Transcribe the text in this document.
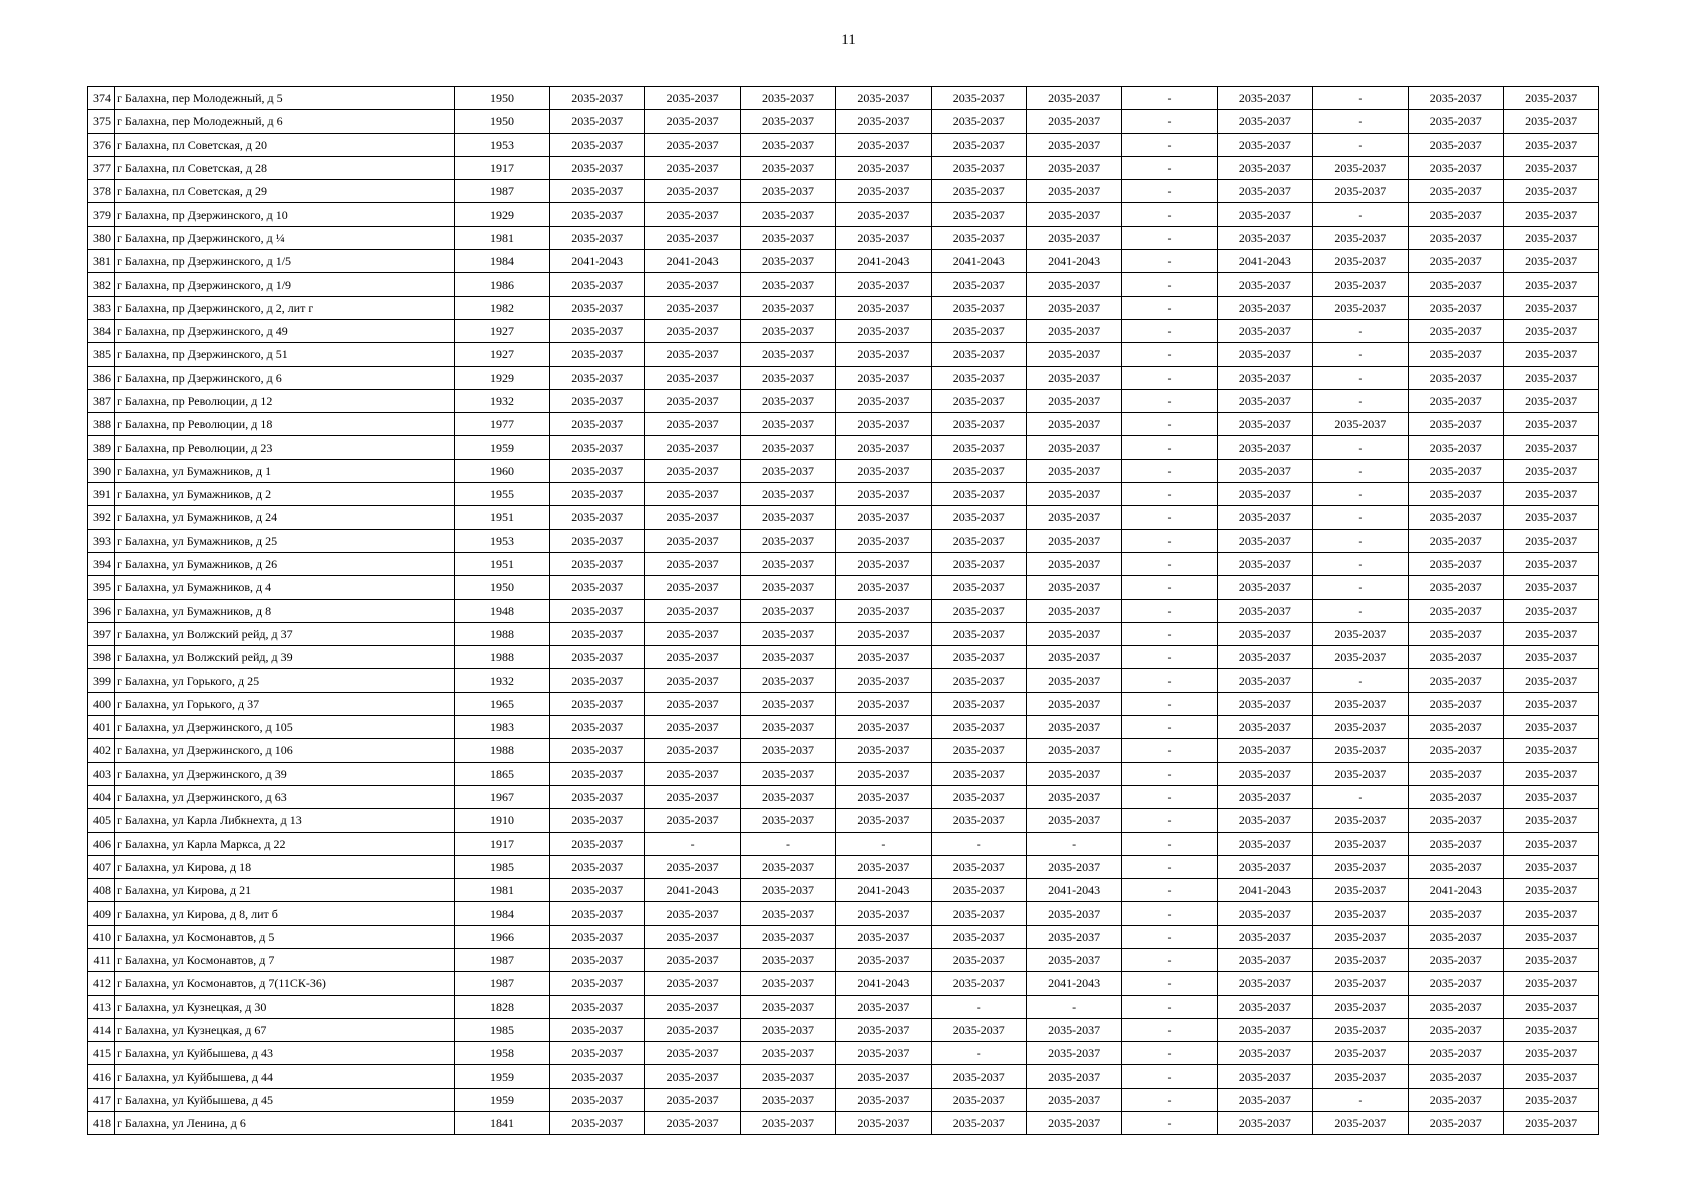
11
374	г Балахна, пер Молодежный, д 5	1950	2035-2037	2035-2037	2035-2037	2035-2037	2035-2037	2035-2037	-	2035-2037	-	2035-2037	2035-2037
375	г Балахна, пер Молодежный, д 6	1950	2035-2037	2035-2037	2035-2037	2035-2037	2035-2037	2035-2037	-	2035-2037	-	2035-2037	2035-2037
376	г Балахна, пл Советская, д 20	1953	2035-2037	2035-2037	2035-2037	2035-2037	2035-2037	2035-2037	-	2035-2037	-	2035-2037	2035-2037
377	г Балахна, пл Советская, д 28	1917	2035-2037	2035-2037	2035-2037	2035-2037	2035-2037	2035-2037	-	2035-2037	2035-2037	2035-2037	2035-2037
378	г Балахна, пл Советская, д 29	1987	2035-2037	2035-2037	2035-2037	2035-2037	2035-2037	2035-2037	-	2035-2037	2035-2037	2035-2037	2035-2037
379	г Балахна, пр Дзержинского, д 10	1929	2035-2037	2035-2037	2035-2037	2035-2037	2035-2037	2035-2037	-	2035-2037	-	2035-2037	2035-2037
380	г Балахна, пр Дзержинского, д ¼	1981	2035-2037	2035-2037	2035-2037	2035-2037	2035-2037	2035-2037	-	2035-2037	2035-2037	2035-2037	2035-2037
381	г Балахна, пр Дзержинского, д 1/5	1984	2041-2043	2041-2043	2035-2037	2041-2043	2041-2043	2041-2043	-	2041-2043	2035-2037	2035-2037	2035-2037
382	г Балахна, пр Дзержинского, д 1/9	1986	2035-2037	2035-2037	2035-2037	2035-2037	2035-2037	2035-2037	-	2035-2037	2035-2037	2035-2037	2035-2037
383	г Балахна, пр Дзержинского, д 2, лит г	1982	2035-2037	2035-2037	2035-2037	2035-2037	2035-2037	2035-2037	-	2035-2037	2035-2037	2035-2037	2035-2037
384	г Балахна, пр Дзержинского, д 49	1927	2035-2037	2035-2037	2035-2037	2035-2037	2035-2037	2035-2037	-	2035-2037	-	2035-2037	2035-2037
385	г Балахна, пр Дзержинского, д 51	1927	2035-2037	2035-2037	2035-2037	2035-2037	2035-2037	2035-2037	-	2035-2037	-	2035-2037	2035-2037
386	г Балахна, пр Дзержинского, д 6	1929	2035-2037	2035-2037	2035-2037	2035-2037	2035-2037	2035-2037	-	2035-2037	-	2035-2037	2035-2037
387	г Балахна, пр Революции, д 12	1932	2035-2037	2035-2037	2035-2037	2035-2037	2035-2037	2035-2037	-	2035-2037	-	2035-2037	2035-2037
388	г Балахна, пр Революции, д 18	1977	2035-2037	2035-2037	2035-2037	2035-2037	2035-2037	2035-2037	-	2035-2037	2035-2037	2035-2037	2035-2037
389	г Балахна, пр Революции, д 23	1959	2035-2037	2035-2037	2035-2037	2035-2037	2035-2037	2035-2037	-	2035-2037	-	2035-2037	2035-2037
390	г Балахна, ул Бумажников, д 1	1960	2035-2037	2035-2037	2035-2037	2035-2037	2035-2037	2035-2037	-	2035-2037	-	2035-2037	2035-2037
391	г Балахна, ул Бумажников, д 2	1955	2035-2037	2035-2037	2035-2037	2035-2037	2035-2037	2035-2037	-	2035-2037	-	2035-2037	2035-2037
392	г Балахна, ул Бумажников, д 24	1951	2035-2037	2035-2037	2035-2037	2035-2037	2035-2037	2035-2037	-	2035-2037	-	2035-2037	2035-2037
393	г Балахна, ул Бумажников, д 25	1953	2035-2037	2035-2037	2035-2037	2035-2037	2035-2037	2035-2037	-	2035-2037	-	2035-2037	2035-2037
394	г Балахна, ул Бумажников, д 26	1951	2035-2037	2035-2037	2035-2037	2035-2037	2035-2037	2035-2037	-	2035-2037	-	2035-2037	2035-2037
395	г Балахна, ул Бумажников, д 4	1950	2035-2037	2035-2037	2035-2037	2035-2037	2035-2037	2035-2037	-	2035-2037	-	2035-2037	2035-2037
396	г Балахна, ул Бумажников, д 8	1948	2035-2037	2035-2037	2035-2037	2035-2037	2035-2037	2035-2037	-	2035-2037	-	2035-2037	2035-2037
397	г Балахна, ул Волжский рейд, д 37	1988	2035-2037	2035-2037	2035-2037	2035-2037	2035-2037	2035-2037	-	2035-2037	2035-2037	2035-2037	2035-2037
398	г Балахна, ул Волжский рейд, д 39	1988	2035-2037	2035-2037	2035-2037	2035-2037	2035-2037	2035-2037	-	2035-2037	2035-2037	2035-2037	2035-2037
399	г Балахна, ул Горького, д 25	1932	2035-2037	2035-2037	2035-2037	2035-2037	2035-2037	2035-2037	-	2035-2037	-	2035-2037	2035-2037
400	г Балахна, ул Горького, д 37	1965	2035-2037	2035-2037	2035-2037	2035-2037	2035-2037	2035-2037	-	2035-2037	2035-2037	2035-2037	2035-2037
401	г Балахна, ул Дзержинского, д 105	1983	2035-2037	2035-2037	2035-2037	2035-2037	2035-2037	2035-2037	-	2035-2037	2035-2037	2035-2037	2035-2037
402	г Балахна, ул Дзержинского, д 106	1988	2035-2037	2035-2037	2035-2037	2035-2037	2035-2037	2035-2037	-	2035-2037	2035-2037	2035-2037	2035-2037
403	г Балахна, ул Дзержинского, д 39	1865	2035-2037	2035-2037	2035-2037	2035-2037	2035-2037	2035-2037	-	2035-2037	2035-2037	2035-2037	2035-2037
404	г Балахна, ул Дзержинского, д 63	1967	2035-2037	2035-2037	2035-2037	2035-2037	2035-2037	2035-2037	-	2035-2037	-	2035-2037	2035-2037
405	г Балахна, ул Карла Либкнехта, д 13	1910	2035-2037	2035-2037	2035-2037	2035-2037	2035-2037	2035-2037	-	2035-2037	2035-2037	2035-2037	2035-2037
406	г Балахна, ул Карла Маркса, д 22	1917	2035-2037	-	-	-	-	-	-	2035-2037	2035-2037	2035-2037	2035-2037
407	г Балахна, ул Кирова, д 18	1985	2035-2037	2035-2037	2035-2037	2035-2037	2035-2037	2035-2037	-	2035-2037	2035-2037	2035-2037	2035-2037
408	г Балахна, ул Кирова, д 21	1981	2035-2037	2041-2043	2035-2037	2041-2043	2035-2037	2041-2043	-	2041-2043	2035-2037	2041-2043	2035-2037
409	г Балахна, ул Кирова, д 8, лит б	1984	2035-2037	2035-2037	2035-2037	2035-2037	2035-2037	2035-2037	-	2035-2037	2035-2037	2035-2037	2035-2037
410	г Балахна, ул Космонавтов, д 5	1966	2035-2037	2035-2037	2035-2037	2035-2037	2035-2037	2035-2037	-	2035-2037	2035-2037	2035-2037	2035-2037
411	г Балахна, ул Космонавтов, д 7	1987	2035-2037	2035-2037	2035-2037	2035-2037	2035-2037	2035-2037	-	2035-2037	2035-2037	2035-2037	2035-2037
412	г Балахна, ул Космонавтов, д 7(11СК-36)	1987	2035-2037	2035-2037	2035-2037	2041-2043	2035-2037	2041-2043	-	2035-2037	2035-2037	2035-2037	2035-2037
413	г Балахна, ул Кузнецкая, д 30	1828	2035-2037	2035-2037	2035-2037	2035-2037	-	-	-	2035-2037	2035-2037	2035-2037	2035-2037
414	г Балахна, ул Кузнецкая, д 67	1985	2035-2037	2035-2037	2035-2037	2035-2037	2035-2037	2035-2037	-	2035-2037	2035-2037	2035-2037	2035-2037
415	г Балахна, ул Куйбышева, д 43	1958	2035-2037	2035-2037	2035-2037	2035-2037	-	2035-2037	-	2035-2037	2035-2037	2035-2037	2035-2037
416	г Балахна, ул Куйбышева, д 44	1959	2035-2037	2035-2037	2035-2037	2035-2037	2035-2037	2035-2037	-	2035-2037	2035-2037	2035-2037	2035-2037
417	г Балахна, ул Куйбышева, д 45	1959	2035-2037	2035-2037	2035-2037	2035-2037	2035-2037	2035-2037	-	2035-2037	-	2035-2037	2035-2037
418	г Балахна, ул Ленина, д 6	1841	2035-2037	2035-2037	2035-2037	2035-2037	2035-2037	2035-2037	-	2035-2037	2035-2037	2035-2037	2035-2037
